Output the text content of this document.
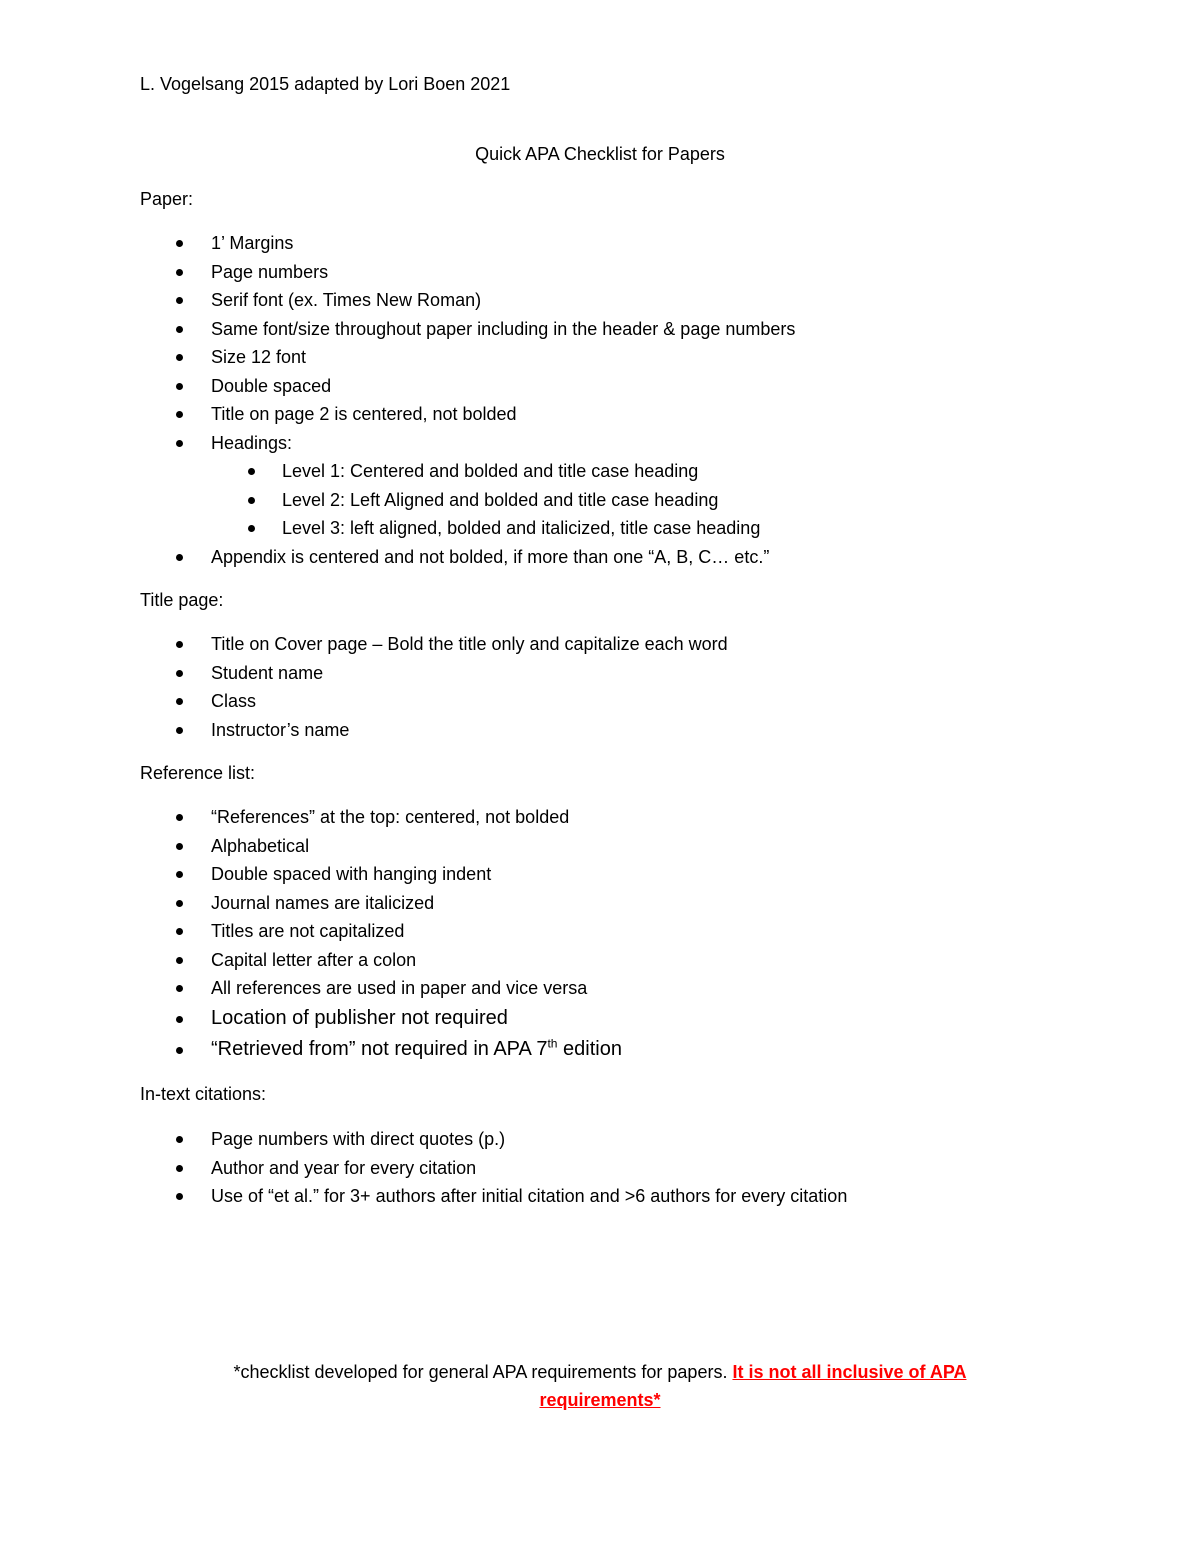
L. Vogelsang 2015 adapted by Lori Boen 2021
Quick APA Checklist for Papers
Paper:
1’ Margins
Page numbers
Serif font (ex. Times New Roman)
Same font/size throughout paper including in the header & page numbers
Size 12 font
Double spaced
Title on page 2 is centered, not bolded
Headings:
Level 1: Centered and bolded and title case heading
Level 2: Left Aligned and bolded and title case heading
Level 3: left aligned, bolded and italicized, title case heading
Appendix is centered and not bolded, if more than one “A, B, C… etc.”
Title page:
Title on Cover page – Bold the title only and capitalize each word
Student name
Class
Instructor’s name
Reference list:
“References” at the top: centered, not bolded
Alphabetical
Double spaced with hanging indent
Journal names are italicized
Titles are not capitalized
Capital letter after a colon
All references are used in paper and vice versa
Location of publisher not required
“Retrieved from” not required in APA 7th edition
In-text citations:
Page numbers with direct quotes (p.)
Author and year for every citation
Use of “et al.” for 3+ authors after initial citation and >6 authors for every citation
*checklist developed for general APA requirements for papers. It is not all inclusive of APA
requirements*
